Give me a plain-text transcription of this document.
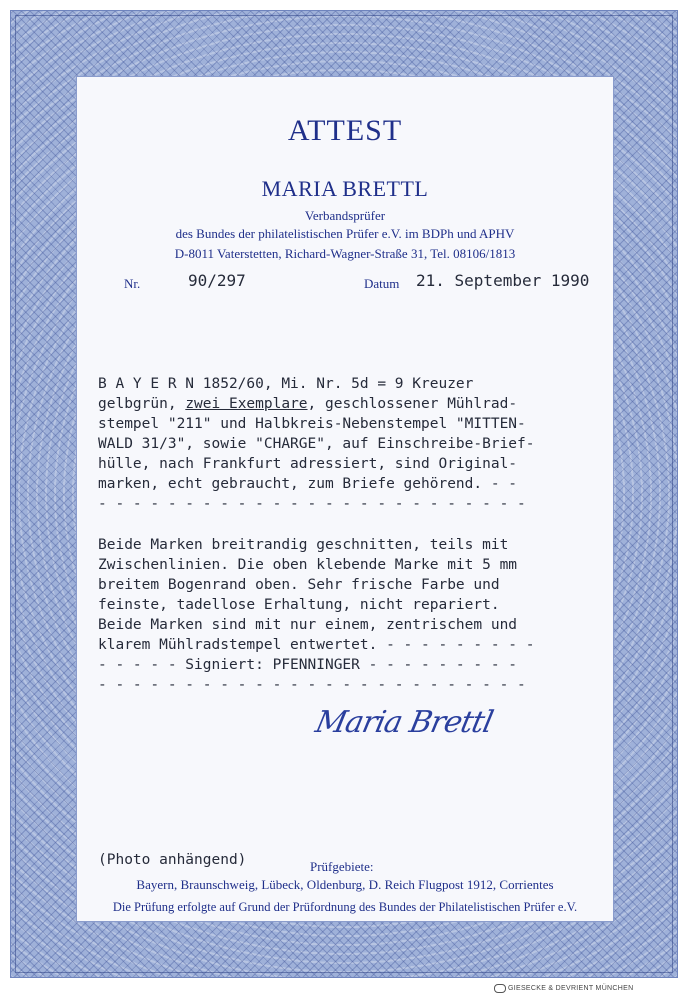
ATTEST
MARIA BRETTL
Verbandsprüfer
des Bundes der philatelistischen Prüfer e.V. im BDPh und APHV
D-8011 Vaterstetten, Richard-Wagner-Straße 31, Tel. 08106/1813
Nr.	90/297	Datum 21. September 1990
B A Y E R N 1852/60, Mi. Nr. 5d = 9 Kreuzer
gelbgrün, zwei Exemplare, geschlossener Mühlrad-
stempel "211" und Halbkreis-Nebenstempel "MITTEN-
WALD 31/3", sowie "CHARGE", auf Einschreibe-Brief-
hülle, nach Frankfurt adressiert, sind Original-
marken, echt gebraucht, zum Briefe gehörend. - -
- - - - - - - - - - - - - - - - - - - - - - - - -
Beide Marken breitrandig geschnitten, teils mit
Zwischenlinien. Die oben klebende Marke mit 5 mm
breitem Bogenrand oben. Sehr frische Farbe und
feinste, tadellose Erhaltung, nicht repariert.
Beide Marken sind mit nur einem, zentrischem und
klarem Mühlradstempel entwertet. - - - - - - - - -
- - - - - Signiert: PFENNINGER - - - - - - - - -
- - - - - - - - - - - - - - - - - - - - - - - - -
Maria Brettl
(Photo anhängend)	Prüfgebiete:
Bayern, Braunschweig, Lübeck, Oldenburg, D. Reich Flugpost 1912, Corrientes
Die Prüfung erfolgte auf Grund der Prüfordnung des Bundes der Philatelistischen Prüfer e.V.
GIESECKE & DEVRIENT MÜNCHEN
